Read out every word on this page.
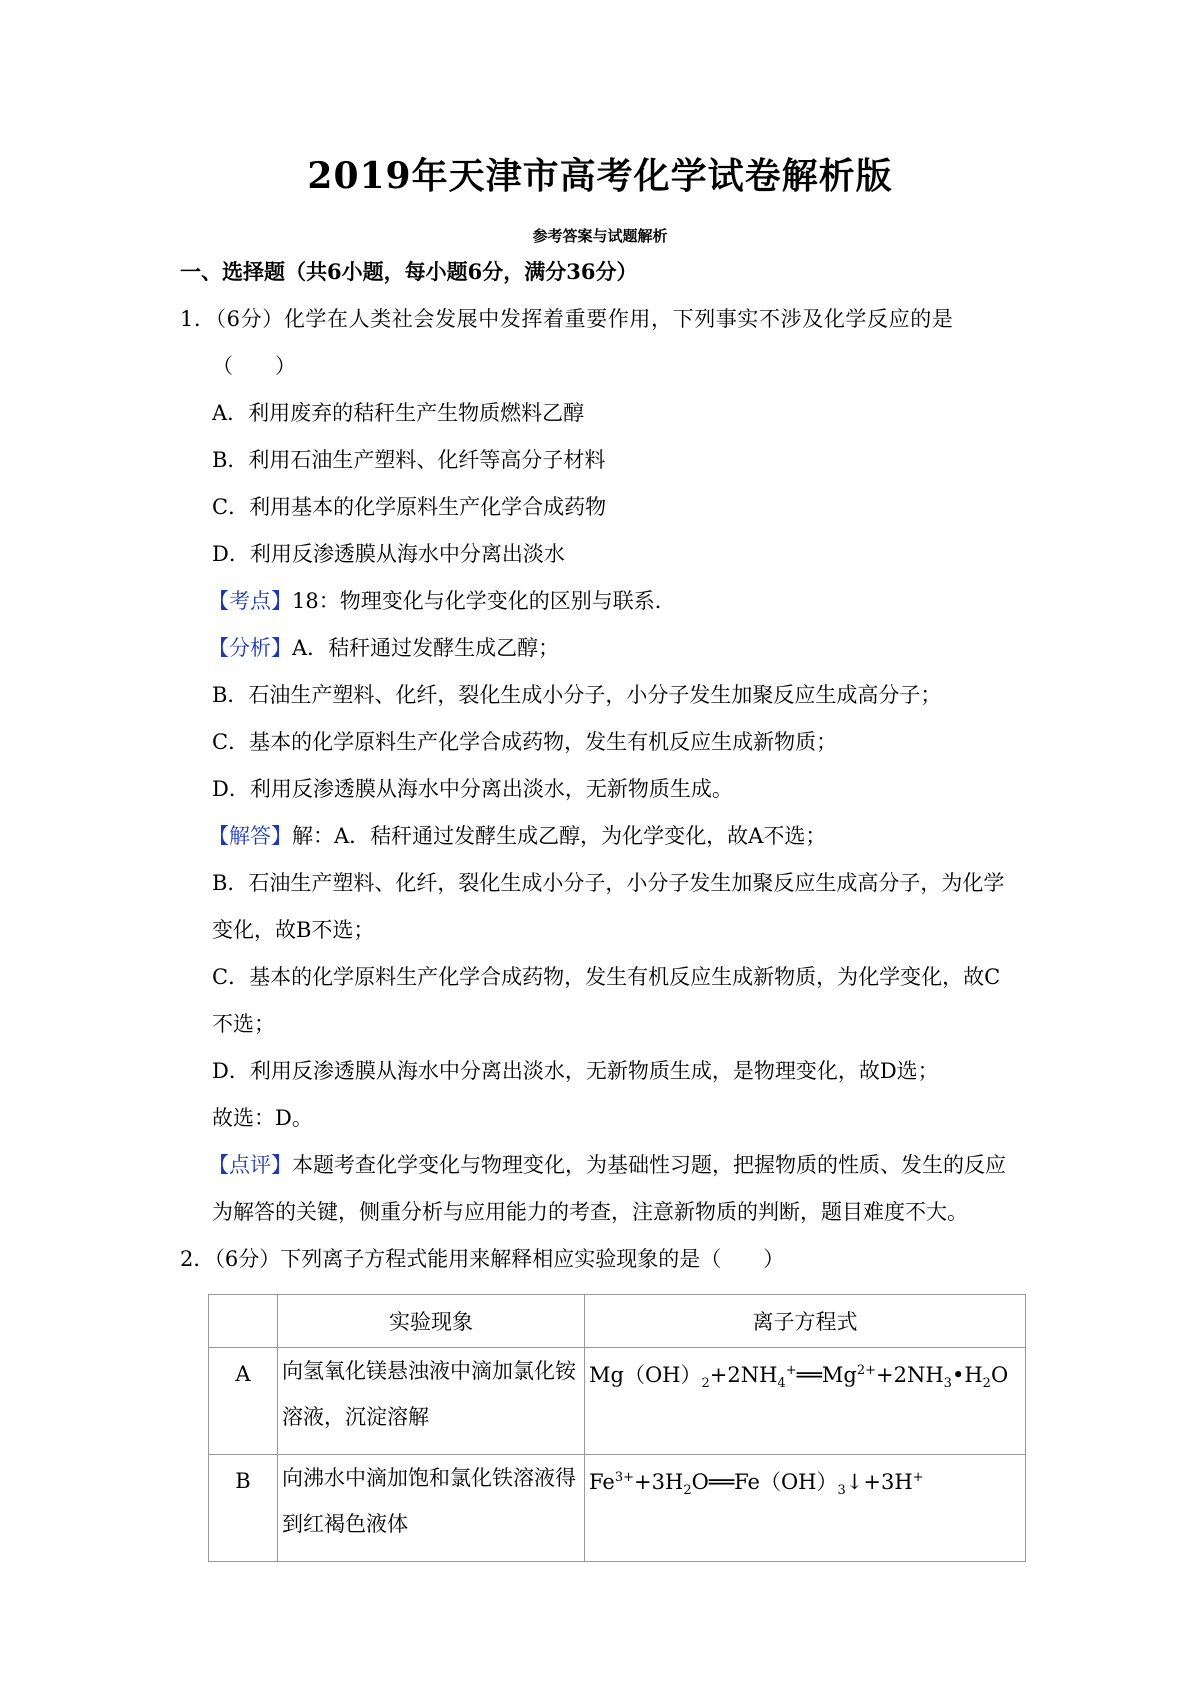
2019年天津市高考化学试卷解析版
参考答案与试题解析
一、选择题（共6小题，每小题6分，满分36分）
1．（6分）化学在人类社会发展中发挥着重要作用，下列事实不涉及化学反应的是
（　　）
A．利用废弃的秸秆生产生物质燃料乙醇
B．利用石油生产塑料、化纤等高分子材料
C．利用基本的化学原料生产化学合成药物
D．利用反渗透膜从海水中分离出淡水
【考点】18：物理变化与化学变化的区别与联系．
【分析】A．秸秆通过发酵生成乙醇；
B．石油生产塑料、化纤，裂化生成小分子，小分子发生加聚反应生成高分子；
C．基本的化学原料生产化学合成药物，发生有机反应生成新物质；
D．利用反渗透膜从海水中分离出淡水，无新物质生成。
【解答】解：A．秸秆通过发酵生成乙醇，为化学变化，故A不选；
B．石油生产塑料、化纤，裂化生成小分子，小分子发生加聚反应生成高分子，为化学
变化，故B不选；
C．基本的化学原料生产化学合成药物，发生有机反应生成新物质，为化学变化，故C
不选；
D．利用反渗透膜从海水中分离出淡水，无新物质生成，是物理变化，故D选；
故选：D。
【点评】本题考查化学变化与物理变化，为基础性习题，把握物质的性质、发生的反应
为解答的关键，侧重分析与应用能力的考查，注意新物质的判断，题目难度不大。
2．（6分）下列离子方程式能用来解释相应实验现象的是（　　）
	实验现象	离子方程式
A	向氢氧化镁悬浊液中滴加氯化铵
溶液，沉淀溶解	$Mg(OH)_2+2NH_4^+══Mg^{2+}+2NH_3•H_2O$
B	向沸水中滴加饱和氯化铁溶液得
到红褐色液体	$Fe^{3+}+3H_2O══Fe(OH)_3↓+3H^+$
